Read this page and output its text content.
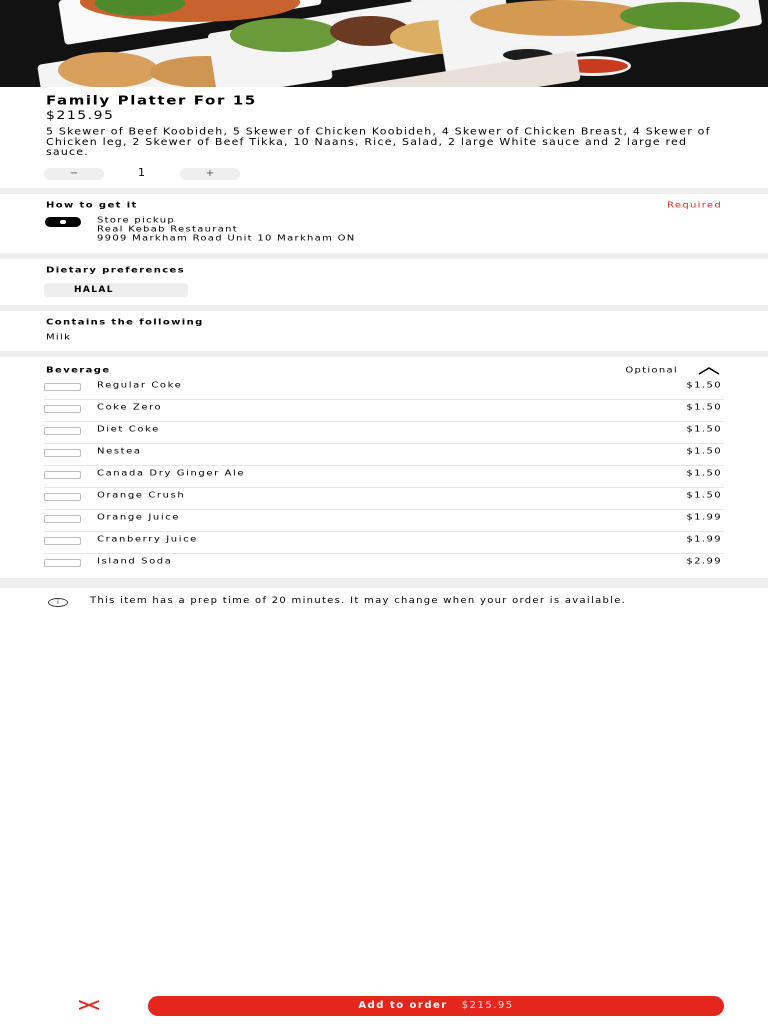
Family Platter For 15
$215.95
5 Skewer of Beef Koobideh, 5 Skewer of Chicken Koobideh, 4 Skewer of Chicken Breast, 4 Skewer of Chicken leg, 2 Skewer of Beef Tikka, 10 Naans, Rice, Salad, 2 large White sauce and 2 large red sauce.
−	1	+
How to get it	Required
Store pickup
Real Kebab Restaurant
9909 Markham Road Unit 10 Markham ON
Dietary preferences
HALAL
Contains the following
Milk
Beverage	Optional
Regular Coke	$1.50
Coke Zero	$1.50
Diet Coke	$1.50
Nestea	$1.50
Canada Dry Ginger Ale	$1.50
Orange Crush	$1.50
Orange Juice	$1.99
Cranberry Juice	$1.99
Island Soda	$2.99
i	This item has a prep time of 20 minutes. It may change when your order is available.
Add to order $215.95
